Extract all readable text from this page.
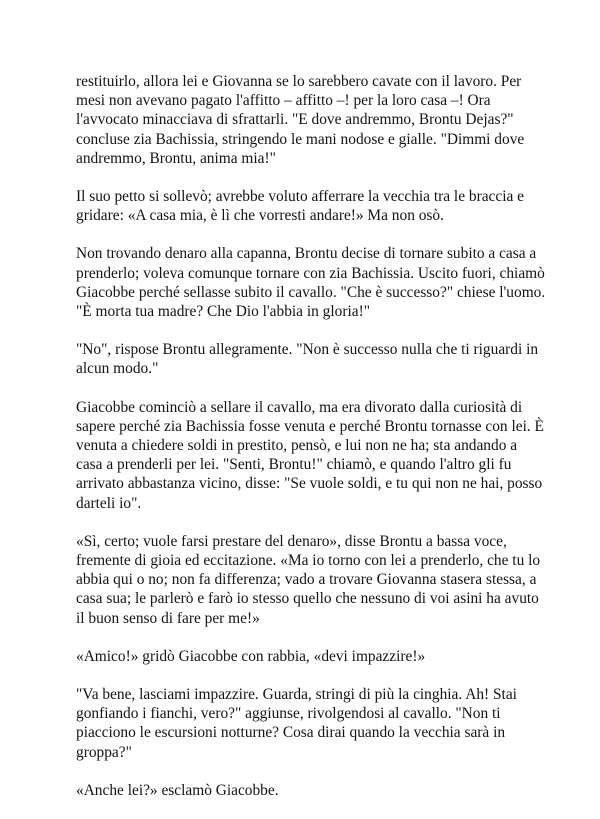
restituirlo, allora lei e Giovanna se lo sarebbero cavate con il lavoro. Per
mesi non avevano pagato l'affitto – affitto –! per la loro casa –! Ora
l'avvocato minacciava di sfrattarli. "E dove andremmo, Brontu Dejas?"
concluse zia Bachissia, stringendo le mani nodose e gialle. "Dimmi dove
andremmo, Brontu, anima mia!"

Il suo petto si sollevò; avrebbe voluto afferrare la vecchia tra le braccia e
gridare: «A casa mia, è lì che vorresti andare!» Ma non osò.

Non trovando denaro alla capanna, Brontu decise di tornare subito a casa a
prenderlo; voleva comunque tornare con zia Bachissia. Uscito fuori, chiamò
Giacobbe perché sellasse subito il cavallo. "Che è successo?" chiese l'uomo.
"È morta tua madre? Che Dio l'abbia in gloria!"

"No", rispose Brontu allegramente. "Non è successo nulla che ti riguardi in
alcun modo."

Giacobbe cominciò a sellare il cavallo, ma era divorato dalla curiosità di
sapere perché zia Bachissia fosse venuta e perché Brontu tornasse con lei. È
venuta a chiedere soldi in prestito, pensò, e lui non ne ha; sta andando a
casa a prenderli per lei. "Senti, Brontu!" chiamò, e quando l'altro gli fu
arrivato abbastanza vicino, disse: "Se vuole soldi, e tu qui non ne hai, posso
darteli io".

«Sì, certo; vuole farsi prestare del denaro», disse Brontu a bassa voce,
fremente di gioia ed eccitazione. «Ma io torno con lei a prenderlo, che tu lo
abbia qui o no; non fa differenza; vado a trovare Giovanna stasera stessa, a
casa sua; le parlerò e farò io stesso quello che nessuno di voi asini ha avuto
il buon senso di fare per me!»

«Amico!» gridò Giacobbe con rabbia, «devi impazzire!»

"Va bene, lasciami impazzire. Guarda, stringi di più la cinghia. Ah! Stai
gonfiando i fianchi, vero?" aggiunse, rivolgendosi al cavallo. "Non ti
piacciono le escursioni notturne? Cosa dirai quando la vecchia sarà in
groppa?"

«Anche lei?» esclamò Giacobbe.
